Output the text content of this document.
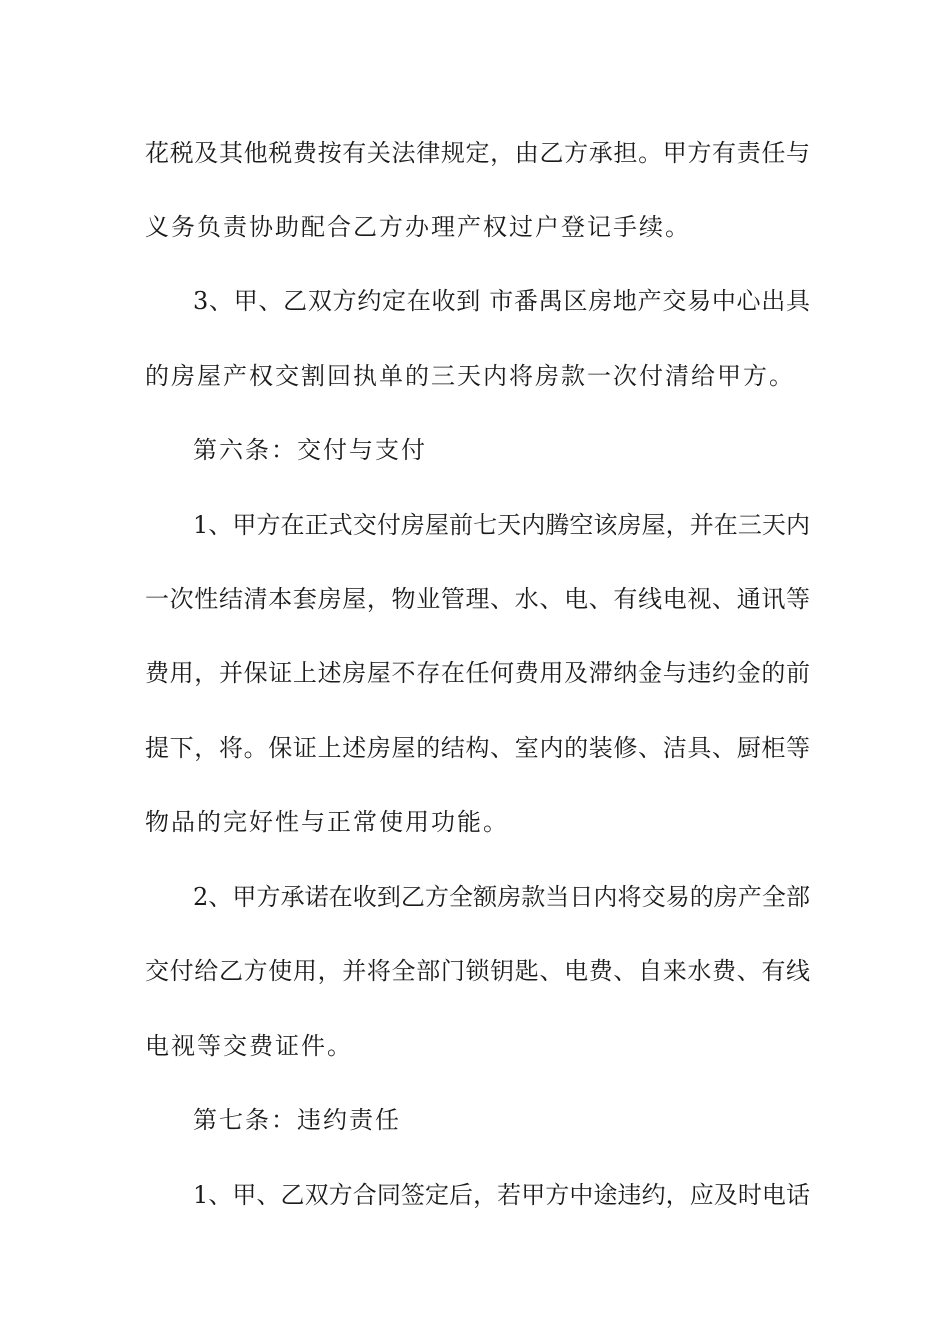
花税及其他税费按有关法律规定，由乙方承担。甲方有责任与
义务负责协助配合乙方办理产权过户登记手续。
3、甲、乙双方约定在收到 市番禺区房地产交易中心出具
的房屋产权交割回执单的三天内将房款一次付清给甲方。
第六条：交付与支付
1、甲方在正式交付房屋前七天内腾空该房屋，并在三天内
一次性结清本套房屋，物业管理、水、电、有线电视、通讯等
费用，并保证上述房屋不存在任何费用及滞纳金与违约金的前
提下，将。保证上述房屋的结构、室内的装修、洁具、厨柜等
物品的完好性与正常使用功能。
2、甲方承诺在收到乙方全额房款当日内将交易的房产全部
交付给乙方使用，并将全部门锁钥匙、电费、自来水费、有线
电视等交费证件。
第七条：违约责任
1、甲、乙双方合同签定后，若甲方中途违约，应及时电话
